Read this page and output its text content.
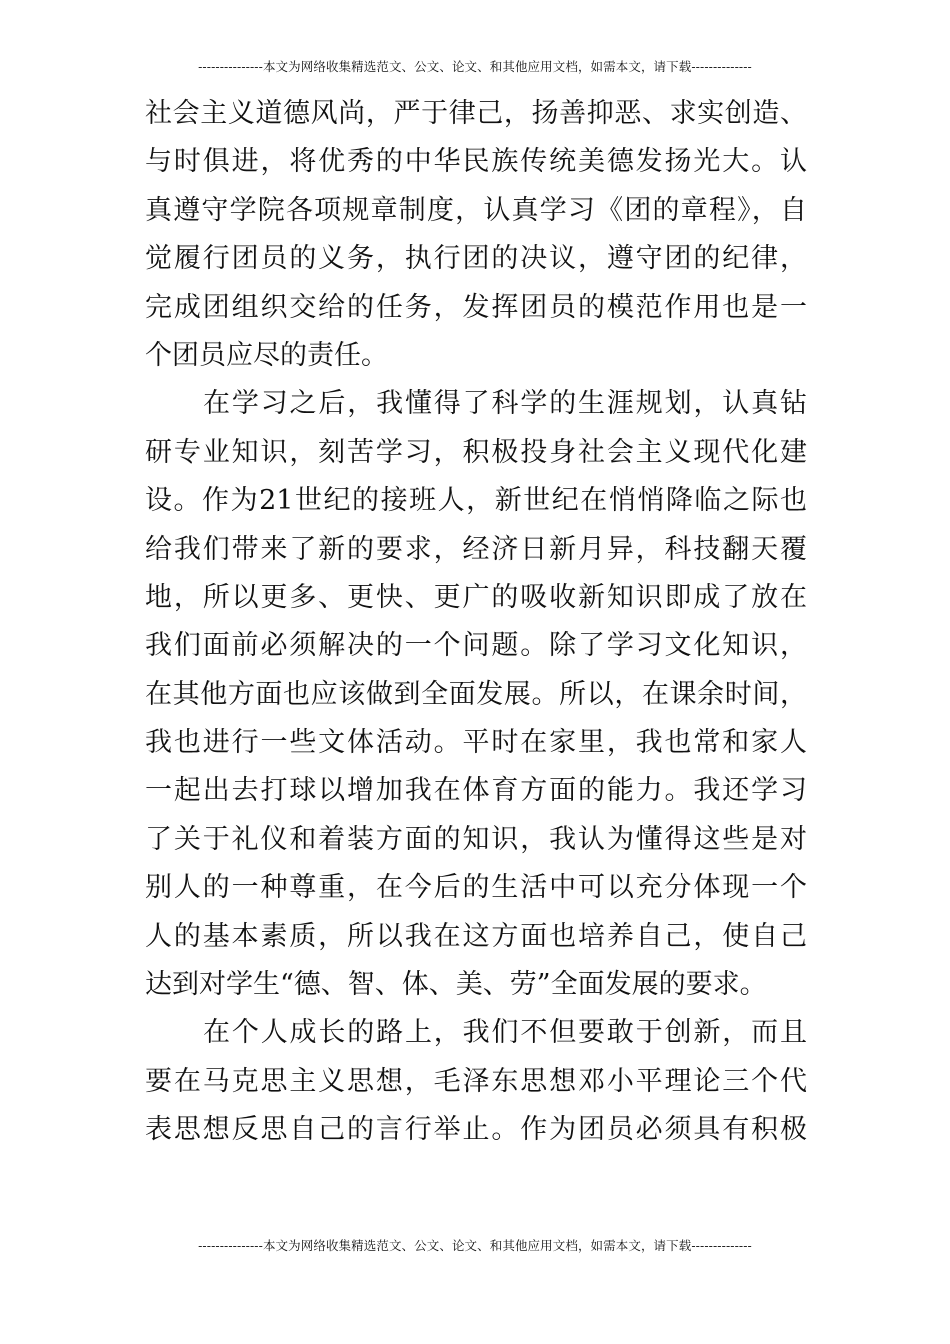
---------------本文为网络收集精选范文、公文、论文、和其他应用文档，如需本文，请下载--------------
社会主义道德风尚，严于律己，扬善抑恶、求实创造、
与时俱进，将优秀的中华民族传统美德发扬光大。认
真遵守学院各项规章制度，认真学习《团的章程》，自
觉履行团员的义务，执行团的决议，遵守团的纪律，
完成团组织交给的任务，发挥团员的模范作用也是一
个团员应尽的责任。
在学习之后，我懂得了科学的生涯规划，认真钻
研专业知识，刻苦学习，积极投身社会主义现代化建
设。作为21世纪的接班人，新世纪在悄悄降临之际也
给我们带来了新的要求，经济日新月异，科技翻天覆
地，所以更多、更快、更广的吸收新知识即成了放在
我们面前必须解决的一个问题。除了学习文化知识，
在其他方面也应该做到全面发展。所以，在课余时间，
我也进行一些文体活动。平时在家里，我也常和家人
一起出去打球以增加我在体育方面的能力。我还学习
了关于礼仪和着装方面的知识，我认为懂得这些是对
别人的一种尊重，在今后的生活中可以充分体现一个
人的基本素质，所以我在这方面也培养自己，使自己
达到对学生“德、智、体、美、劳”全面发展的要求。
在个人成长的路上，我们不但要敢于创新，而且
要在马克思主义思想，毛泽东思想邓小平理论三个代
表思想反思自己的言行举止。作为团员必须具有积极
---------------本文为网络收集精选范文、公文、论文、和其他应用文档，如需本文，请下载--------------
